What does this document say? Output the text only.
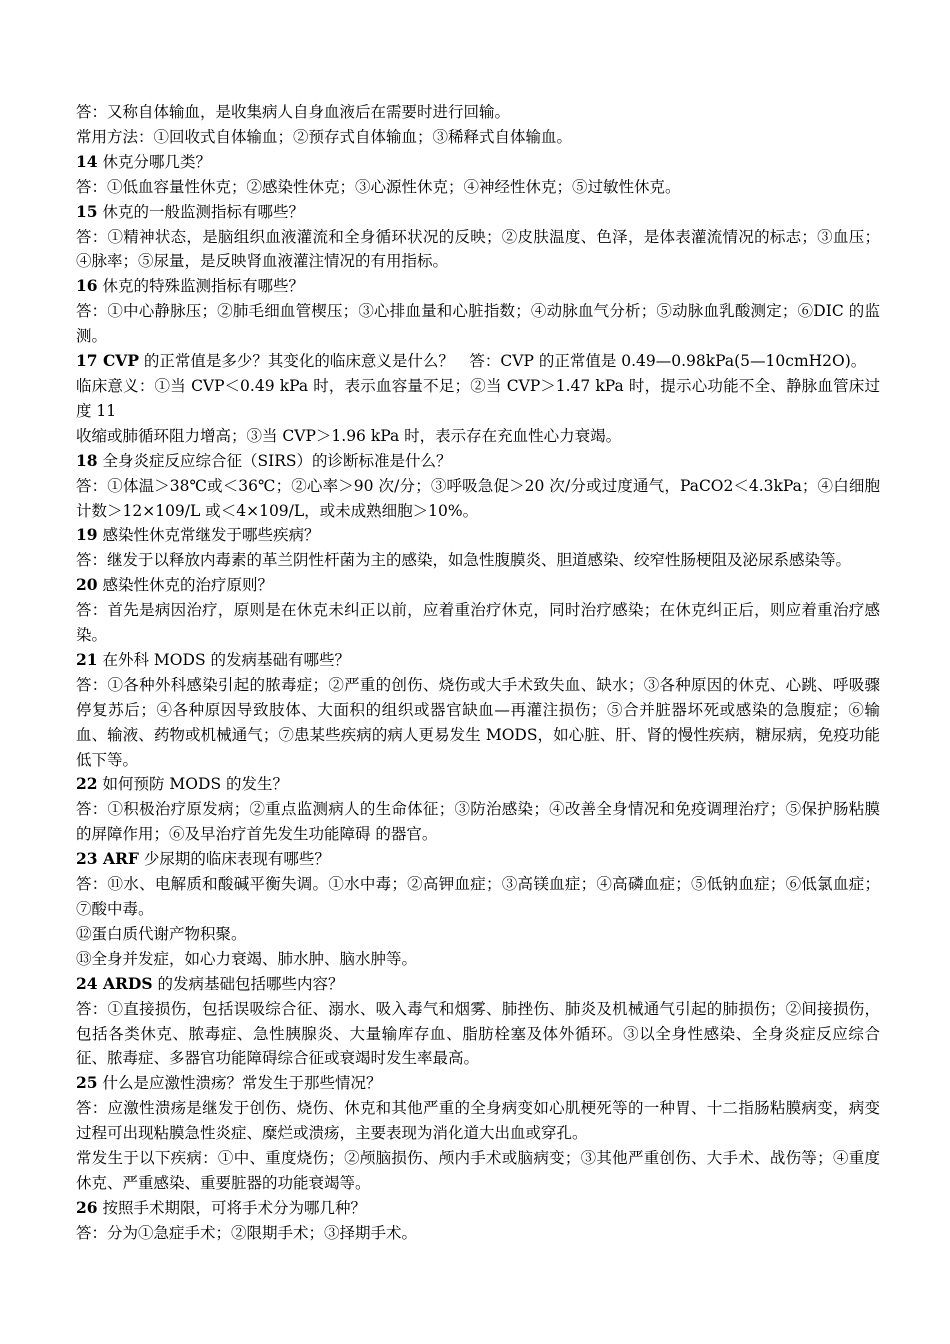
答：又称自体输血，是收集病人自身血液后在需要时进行回输。
常用方法：①回收式自体输血；②预存式自体输血；③稀释式自体输血。
14 休克分哪几类？
答：①低血容量性休克；②感染性休克；③心源性休克；④神经性休克；⑤过敏性休克。
15 休克的一般监测指标有哪些？
答：①精神状态，是脑组织血液灌流和全身循环状况的反映；②皮肤温度、色泽，是体表灌流情况的标志；③血压；④脉率；⑤尿量，是反映肾血液灌注情况的有用指标。
16 休克的特殊监测指标有哪些？
答：①中心静脉压；②肺毛细血管楔压；③心排血量和心脏指数；④动脉血气分析；⑤动脉血乳酸测定；⑥DIC 的监测。
17 CVP 的正常值是多少？其变化的临床意义是什么？　答：CVP 的正常值是 0.49—0.98kPa(5—10cmH2O)。
临床意义：①当 CVP＜0.49 kPa 时，表示血容量不足；②当 CVP＞1.47 kPa 时，提示心功能不全、静脉血管床过度 11
收缩或肺循环阻力增高；③当 CVP＞1.96 kPa 时，表示存在充血性心力衰竭。
18 全身炎症反应综合征（SIRS）的诊断标准是什么？
答：①体温＞38℃或＜36℃；②心率＞90 次/分；③呼吸急促＞20 次/分或过度通气，PaCO2＜4.3kPa；④白细胞计数＞12×109/L 或＜4×109/L，或未成熟细胞＞10%。
19 感染性休克常继发于哪些疾病？
答：继发于以释放内毒素的革兰阴性杆菌为主的感染，如急性腹膜炎、胆道感染、绞窄性肠梗阻及泌尿系感染等。
20 感染性休克的治疗原则？
答：首先是病因治疗，原则是在休克未纠正以前，应着重治疗休克，同时治疗感染；在休克纠正后，则应着重治疗感染。
21 在外科 MODS 的发病基础有哪些？
答：①各种外科感染引起的脓毒症；②严重的创伤、烧伤或大手术致失血、缺水；③各种原因的休克、心跳、呼吸骤停复苏后；④各种原因导致肢体、大面积的组织或器官缺血—再灌注损伤；⑤合并脏器坏死或感染的急腹症；⑥输血、输液、药物或机械通气；⑦患某些疾病的病人更易发生 MODS，如心脏、肝、肾的慢性疾病，糖尿病，免疫功能低下等。
22 如何预防 MODS 的发生？
答：①积极治疗原发病；②重点监测病人的生命体征；③防治感染；④改善全身情况和免疫调理治疗；⑤保护肠粘膜的屏障作用；⑥及早治疗首先发生功能障碍 的器官。
23 ARF 少尿期的临床表现有哪些？
答：⑪水、电解质和酸碱平衡失调。①水中毒；②高钾血症；③高镁血症；④高磷血症；⑤低钠血症；⑥低氯血症；⑦酸中毒。
⑫蛋白质代谢产物积聚。
⑬全身并发症，如心力衰竭、肺水肿、脑水肿等。
24 ARDS 的发病基础包括哪些内容？
答：①直接损伤，包括误吸综合征、溺水、吸入毒气和烟雾、肺挫伤、肺炎及机械通气引起的肺损伤；②间接损伤，包括各类休克、脓毒症、急性胰腺炎、大量输库存血、脂肪栓塞及体外循环。③以全身性感染、全身炎症反应综合征、脓毒症、多器官功能障碍综合征或衰竭时发生率最高。
25 什么是应激性溃疡？常发生于那些情况？
答：应激性溃疡是继发于创伤、烧伤、休克和其他严重的全身病变如心肌梗死等的一种胃、十二指肠粘膜病变，病变过程可出现粘膜急性炎症、糜烂或溃疡，主要表现为消化道大出血或穿孔。
常发生于以下疾病：①中、重度烧伤；②颅脑损伤、颅内手术或脑病变；③其他严重创伤、大手术、战伤等；④重度休克、严重感染、重要脏器的功能衰竭等。
26 按照手术期限，可将手术分为哪几种？
答：分为①急症手术；②限期手术；③择期手术。
